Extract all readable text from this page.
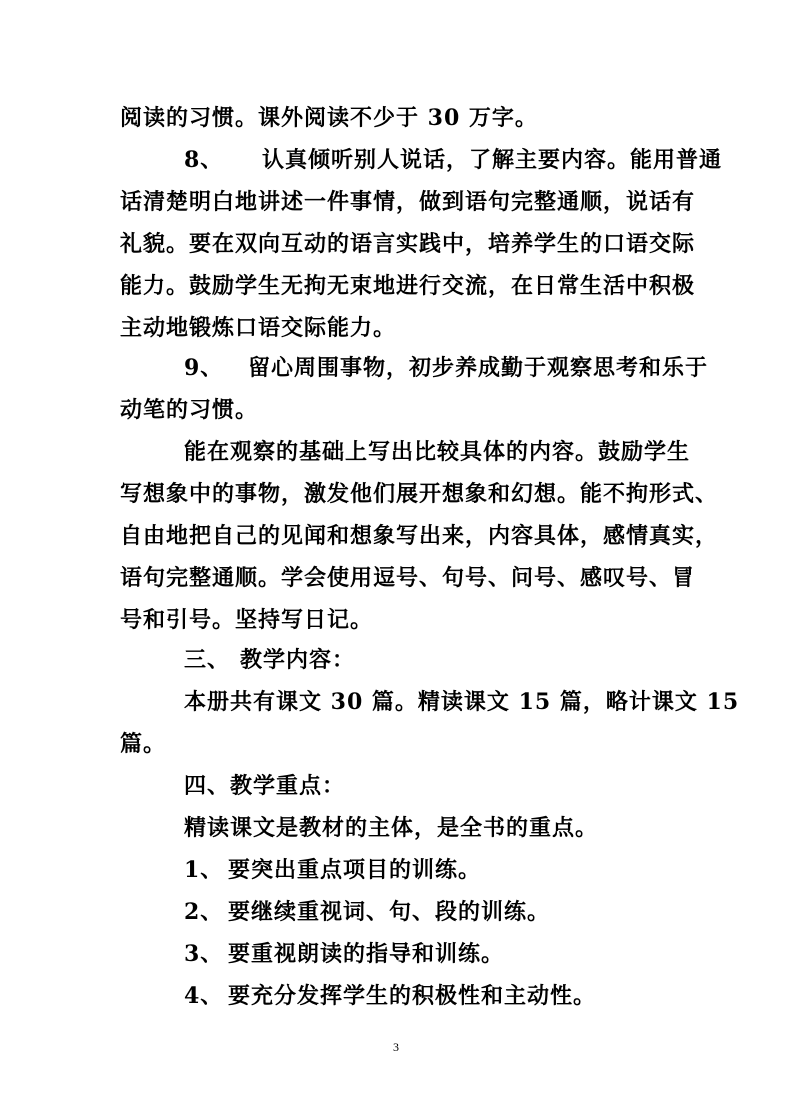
阅读的习惯。课外阅读不少于 30 万字。
8、 认真倾听别人说话，了解主要内容。能用普通
话清楚明白地讲述一件事情，做到语句完整通顺，说话有
礼貌。要在双向互动的语言实践中，培养学生的口语交际
能力。鼓励学生无拘无束地进行交流，在日常生活中积极
主动地锻炼口语交际能力。
9、 留心周围事物，初步养成勤于观察思考和乐于
动笔的习惯。
能在观察的基础上写出比较具体的内容。鼓励学生
写想象中的事物，激发他们展开想象和幻想。能不拘形式、
自由地把自己的见闻和想象写出来，内容具体，感情真实，
语句完整通顺。学会使用逗号、句号、问号、感叹号、冒
号和引号。坚持写日记。
三、 教学内容：
本册共有课文 30 篇。精读课文 15 篇，略计课文 15
篇。
四、教学重点：
精读课文是教材的主体，是全书的重点。
1、 要突出重点项目的训练。
2、 要继续重视词、句、段的训练。
3、 要重视朗读的指导和训练。
4、 要充分发挥学生的积极性和主动性。
3
